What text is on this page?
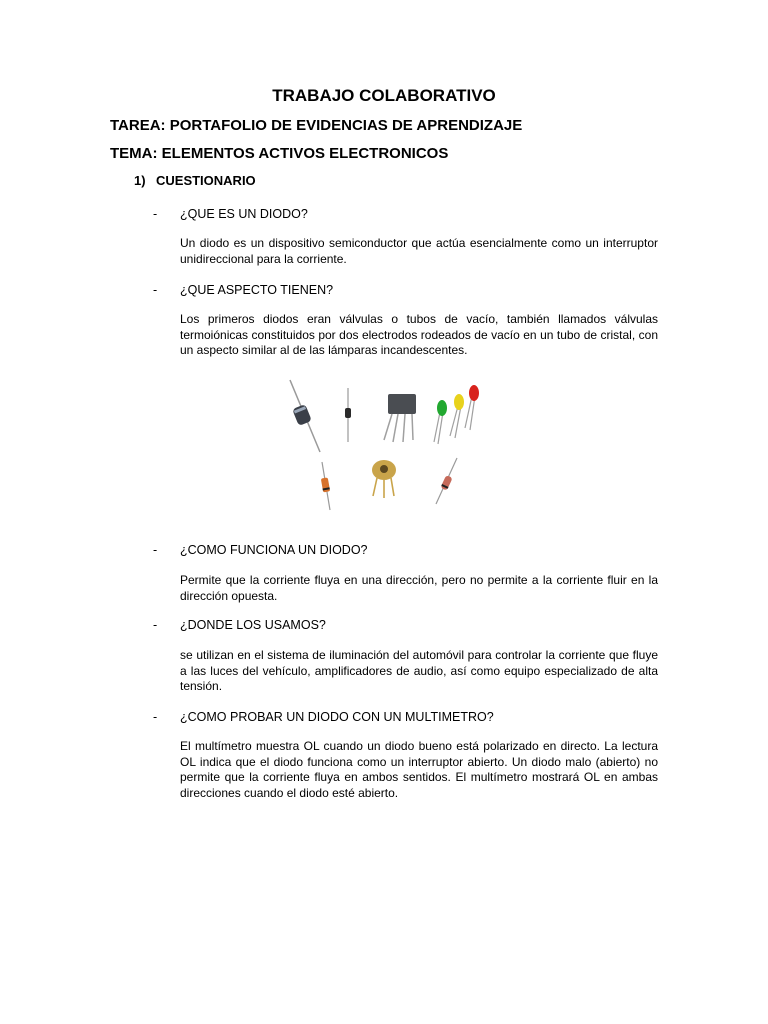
TRABAJO COLABORATIVO
TAREA: PORTAFOLIO DE EVIDENCIAS DE APRENDIZAJE
TEMA: ELEMENTOS ACTIVOS ELECTRONICOS
1) CUESTIONARIO
- ¿QUE ES UN DIODO?
Un diodo es un dispositivo semiconductor que actúa esencialmente como un interruptor unidireccional para la corriente.
- ¿QUE ASPECTO TIENEN?
Los primeros diodos eran válvulas o tubos de vacío, también llamados válvulas termoiónicas constituidos por dos electrodos rodeados de vacío en un tubo de cristal, con un aspecto similar al de las lámparas incandescentes.
- ¿COMO FUNCIONA UN DIODO?
Permite que la corriente fluya en una dirección, pero no permite a la corriente fluir en la dirección opuesta.
- ¿DONDE LOS USAMOS?
se utilizan en el sistema de iluminación del automóvil para controlar la corriente que fluye a las luces del vehículo, amplificadores de audio, así como equipo especializado de alta tensión.
- ¿COMO PROBAR UN DIODO CON UN MULTIMETRO?
El multímetro muestra OL cuando un diodo bueno está polarizado en directo. La lectura OL indica que el diodo funciona como un interruptor abierto. Un diodo malo (abierto) no permite que la corriente fluya en ambos sentidos. El multímetro mostrará OL en ambas direcciones cuando el diodo esté abierto.
